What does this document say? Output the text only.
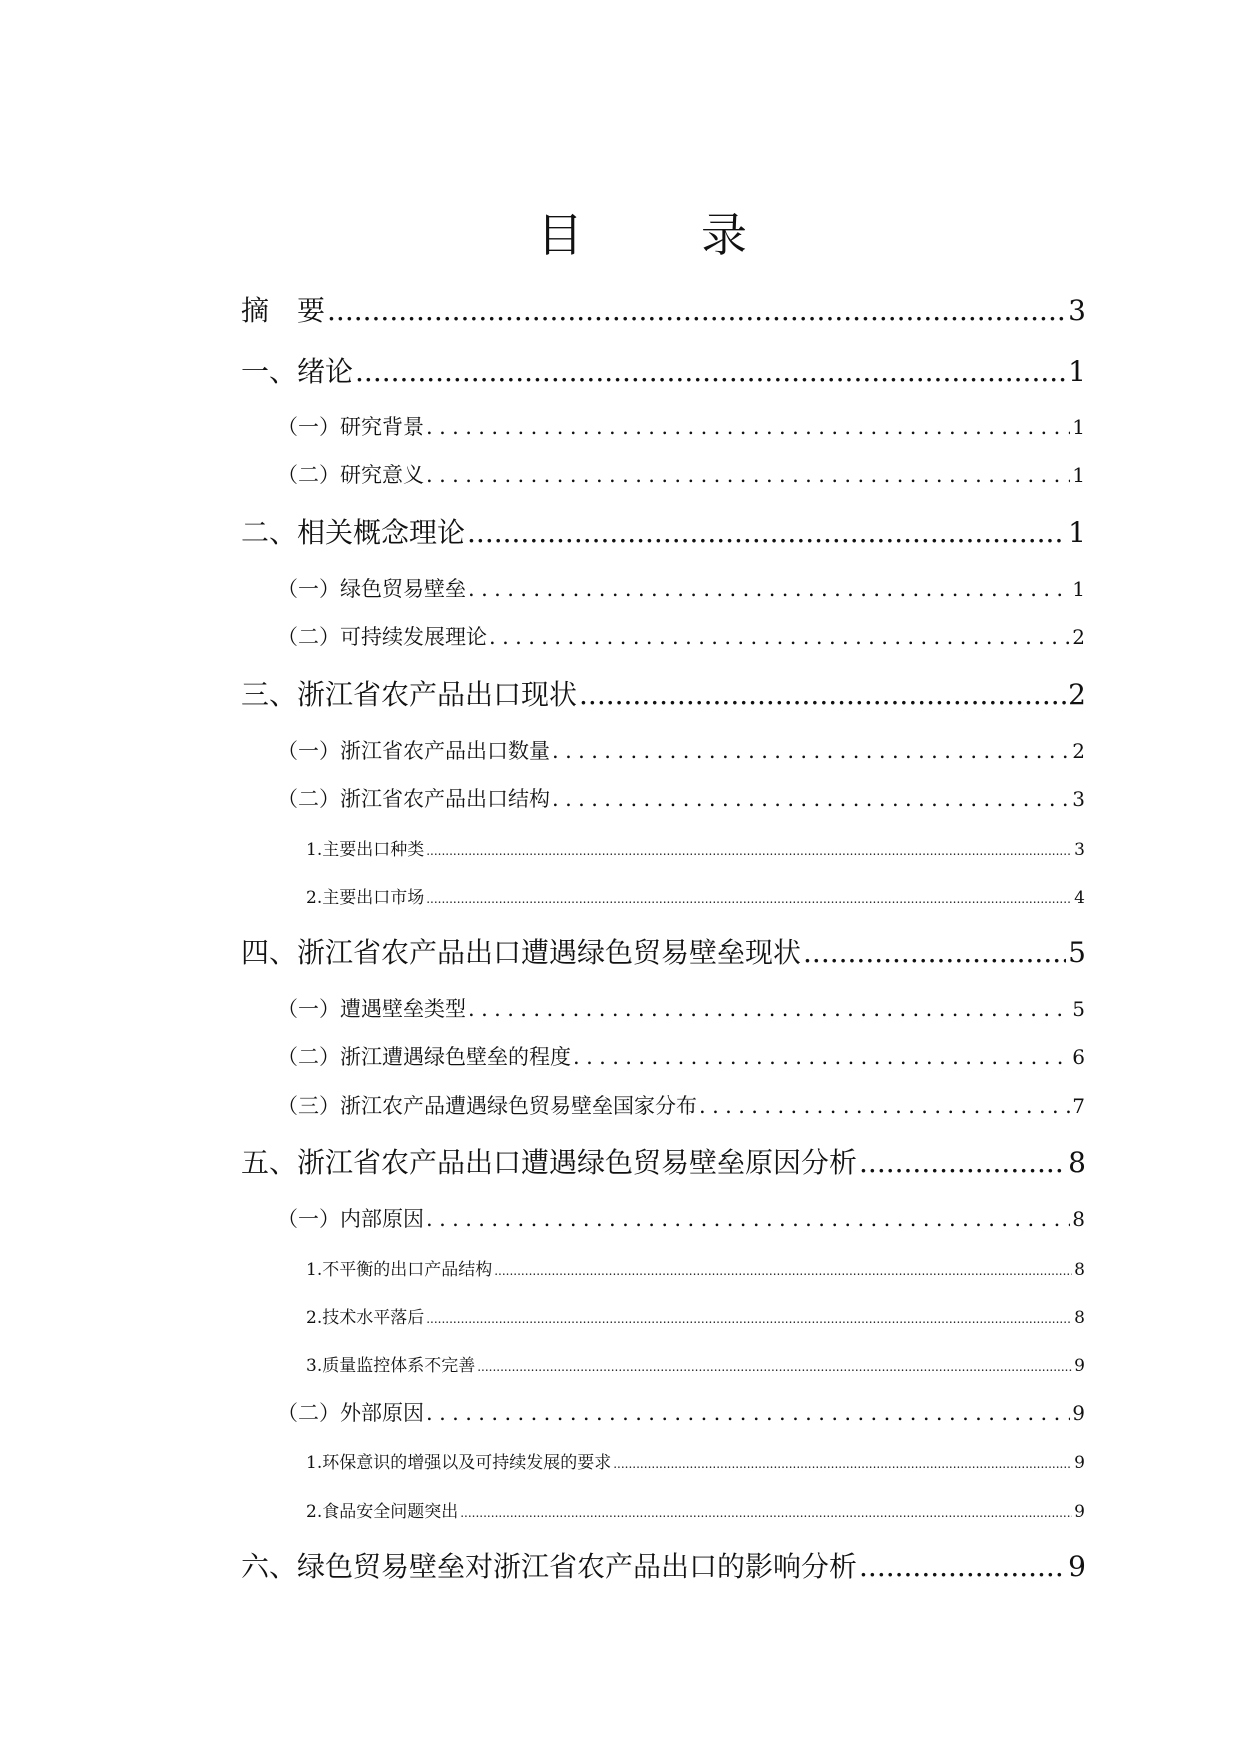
目　录
摘　要 .....	3
一、绪论 .....	1
（一）研究背景 .....	1
（二）研究意义 .....	1
二、相关概念理论 .....	1
（一）绿色贸易壁垒 .....	1
（二）可持续发展理论 .....	2
三、浙江省农产品出口现状 .....	2
（一）浙江省农产品出口数量 .....	2
（二）浙江省农产品出口结构 .....	3
1.主要出口种类 .....	3
2.主要出口市场 .....	4
四、浙江省农产品出口遭遇绿色贸易壁垒现状 .....	5
（一）遭遇壁垒类型 .....	5
（二）浙江遭遇绿色壁垒的程度 .....	6
（三）浙江农产品遭遇绿色贸易壁垒国家分布 .....	7
五、浙江省农产品出口遭遇绿色贸易壁垒原因分析 .....	8
（一）内部原因 .....	8
1.不平衡的出口产品结构 .....	8
2.技术水平落后 .....	8
3.质量监控体系不完善 .....	9
（二）外部原因 .....	9
1.环保意识的增强以及可持续发展的要求 .....	9
2.食品安全问题突出 .....	9
六、绿色贸易壁垒对浙江省农产品出口的影响分析 .....	9
